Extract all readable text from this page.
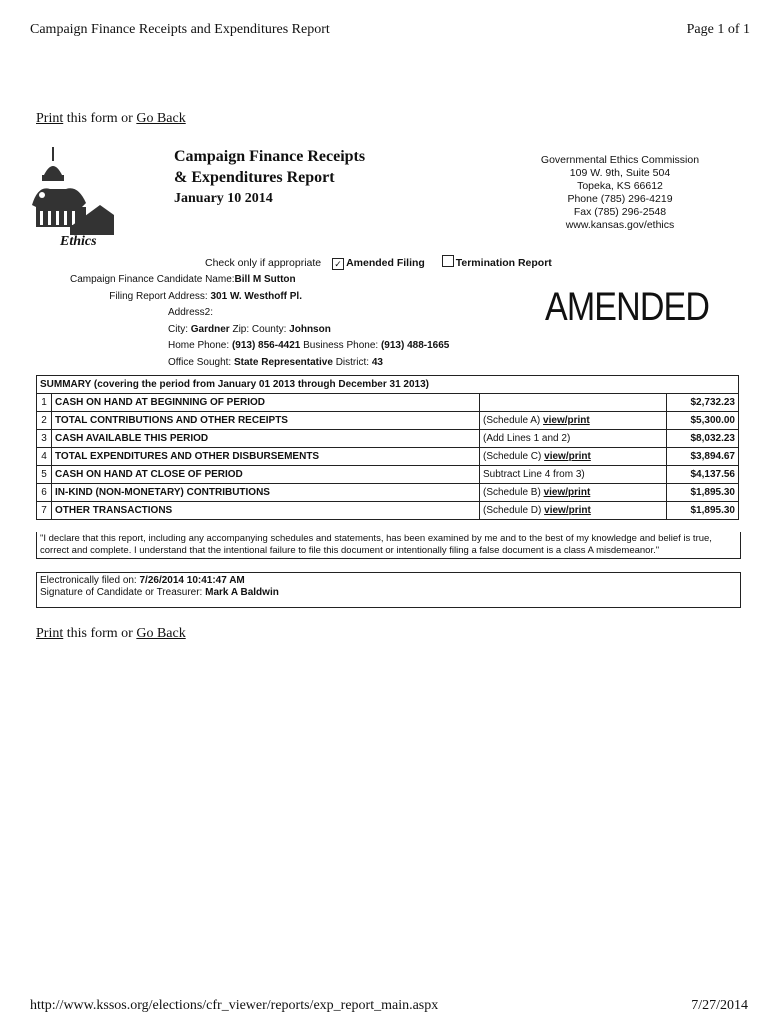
Campaign Finance Receipts and Expenditures Report	Page 1 of 1
Print this form or Go Back
Ethics
Campaign Finance Receipts
& Expenditures Report
January 10 2014
Governmental Ethics Commission
109 W. 9th, Suite 504
Topeka, KS 66612
Phone (785) 296-4219
Fax (785) 296-2548
www.kansas.gov/ethics
Check only if appropriate ✓ Amended Filing	Termination Report
Campaign Finance Candidate Name:Bill M Sutton
Filing Report Address: 301 W. Westhoff Pl.
Address2:
City: Gardner Zip: County: Johnson
Home Phone: (913) 856-4421 Business Phone: (913) 488-1665
Office Sought: State Representative District: 43
AMENDED
SUMMARY (covering the period from January 01 2013 through December 31 2013)			
1	CASH ON HAND AT BEGINNING OF PERIOD		$2,732.23
2	TOTAL CONTRIBUTIONS AND OTHER RECEIPTS	(Schedule A) view/print	$5,300.00
3	CASH AVAILABLE THIS PERIOD	(Add Lines 1 and 2)	$8,032.23
4	TOTAL EXPENDITURES AND OTHER DISBURSEMENTS	(Schedule C) view/print	$3,894.67
5	CASH ON HAND AT CLOSE OF PERIOD	Subtract Line 4 from 3)	$4,137.56
6	IN-KIND (NON-MONETARY) CONTRIBUTIONS	(Schedule B) view/print	$1,895.30
7	OTHER TRANSACTIONS	(Schedule D) view/print	$1,895.30
"I declare that this report, including any accompanying schedules and statements, has been examined by me and to the best of my knowledge and belief is true, correct and complete. I understand that the intentional failure to file this document or intentionally filing a false document is a class A misdemeanor."
Electronically filed on: 7/26/2014 10:41:47 AM
Signature of Candidate or Treasurer: Mark A Baldwin
Print this form or Go Back
http://www.kssos.org/elections/cfr_viewer/reports/exp_report_main.aspx	7/27/2014
